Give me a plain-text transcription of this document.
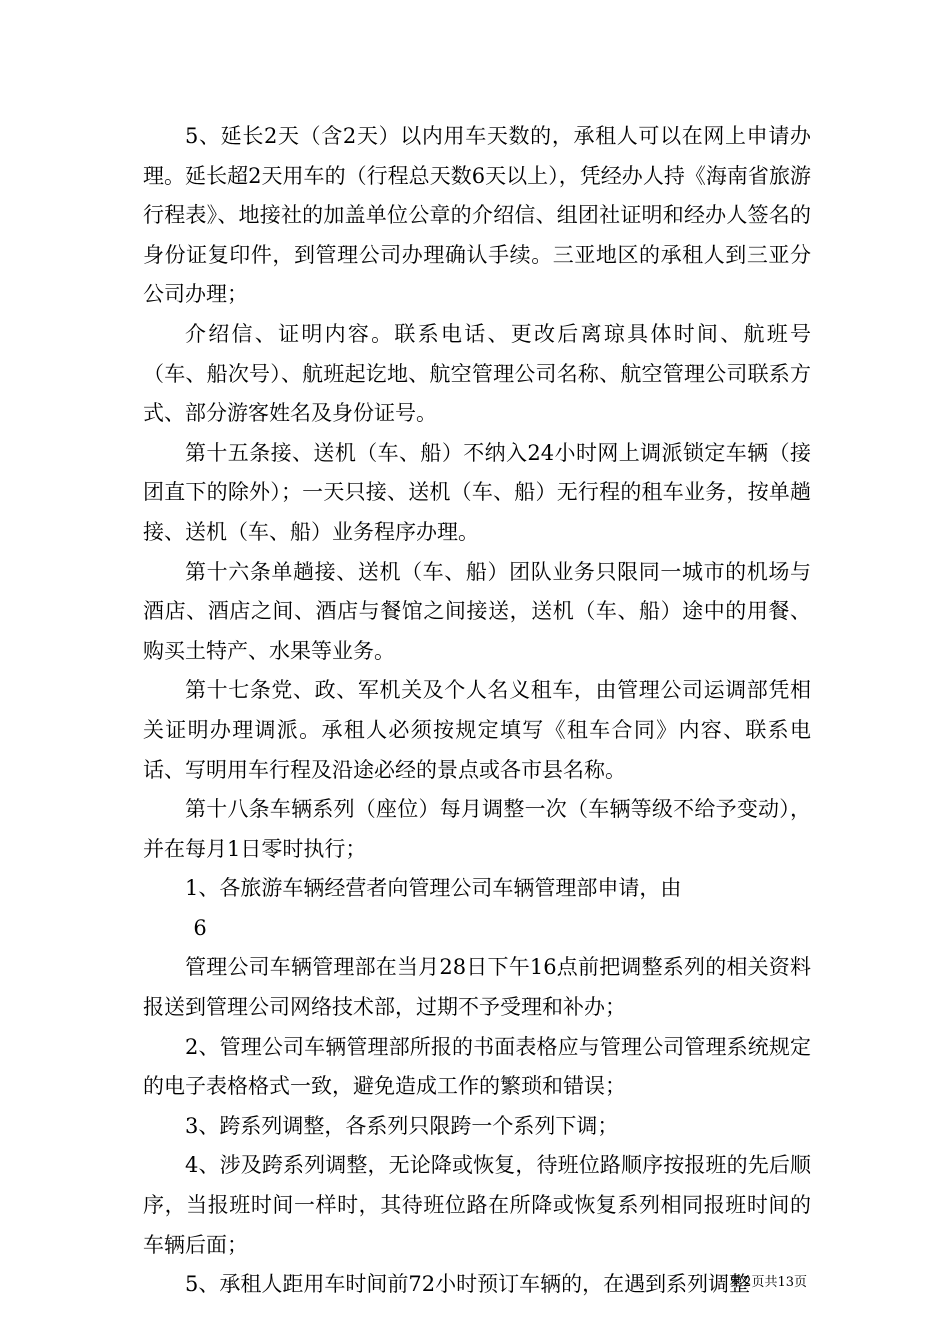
5、延长2天（含2天）以内用车天数的，承租人可以在网上申请办理。延长超2天用车的（行程总天数6天以上），凭经办人持《海南省旅游行程表》、地接社的加盖单位公章的介绍信、组团社证明和经办人签名的身份证复印件，到管理公司办理确认手续。三亚地区的承租人到三亚分公司办理；

介绍信、证明内容。联系电话、更改后离琼具体时间、航班号（车、船次号）、航班起讫地、航空管理公司名称、航空管理公司联系方式、部分游客姓名及身份证号。

第十五条接、送机（车、船）不纳入24小时网上调派锁定车辆（接团直下的除外）；一天只接、送机（车、船）无行程的租车业务，按单趟接、送机（车、船）业务程序办理。

第十六条单趟接、送机（车、船）团队业务只限同一城市的机场与酒店、酒店之间、酒店与餐馆之间接送，送机（车、船）途中的用餐、购买土特产、水果等业务。

第十七条党、政、军机关及个人名义租车，由管理公司运调部凭相关证明办理调派。承租人必须按规定填写《租车合同》内容、联系电话、写明用车行程及沿途必经的景点或各市县名称。

第十八条车辆系列（座位）每月调整一次（车辆等级不给予变动），并在每月1日零时执行；

1、各旅游车辆经营者向管理公司车辆管理部申请，由

6

管理公司车辆管理部在当月28日下午16点前把调整系列的相关资料报送到管理公司网络技术部，过期不予受理和补办；

2、管理公司车辆管理部所报的书面表格应与管理公司管理系统规定的电子表格格式一致，避免造成工作的繁琐和错误；

3、跨系列调整，各系列只限跨一个系列下调；

4、涉及跨系列调整，无论降或恢复，待班位路顺序按报班的先后顺序，当报班时间一样时，其待班位路在所降或恢复系列相同报班时间的车辆后面；

5、承租人距用车时间前72小时预订车辆的，在遇到系列调整

第2页共13页
